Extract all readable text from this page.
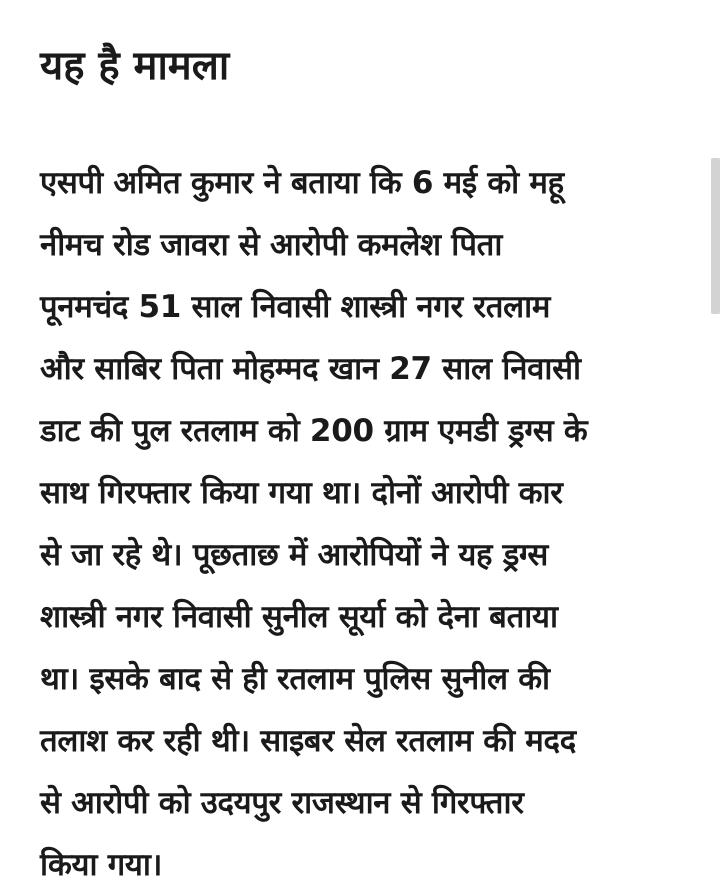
यह है मामला
एसपी अमित कुमार ने बताया कि 6 मई को महू
नीमच रोड जावरा से आरोपी कमलेश पिता
पूनमचंद 51 साल निवासी शास्त्री नगर रतलाम
और साबिर पिता मोहम्मद खान 27 साल निवासी
डाट की पुल रतलाम को 200 ग्राम एमडी ड्रग्स के
साथ गिरफ्तार किया गया था। दोनों आरोपी कार
से जा रहे थे। पूछताछ में आरोपियों ने यह ड्रग्स
शास्त्री नगर निवासी सुनील सूर्या को देना बताया
था। इसके बाद से ही रतलाम पुलिस सुनील की
तलाश कर रही थी। साइबर सेल रतलाम की मदद
से आरोपी को उदयपुर राजस्थान से गिरफ्तार
किया गया।
